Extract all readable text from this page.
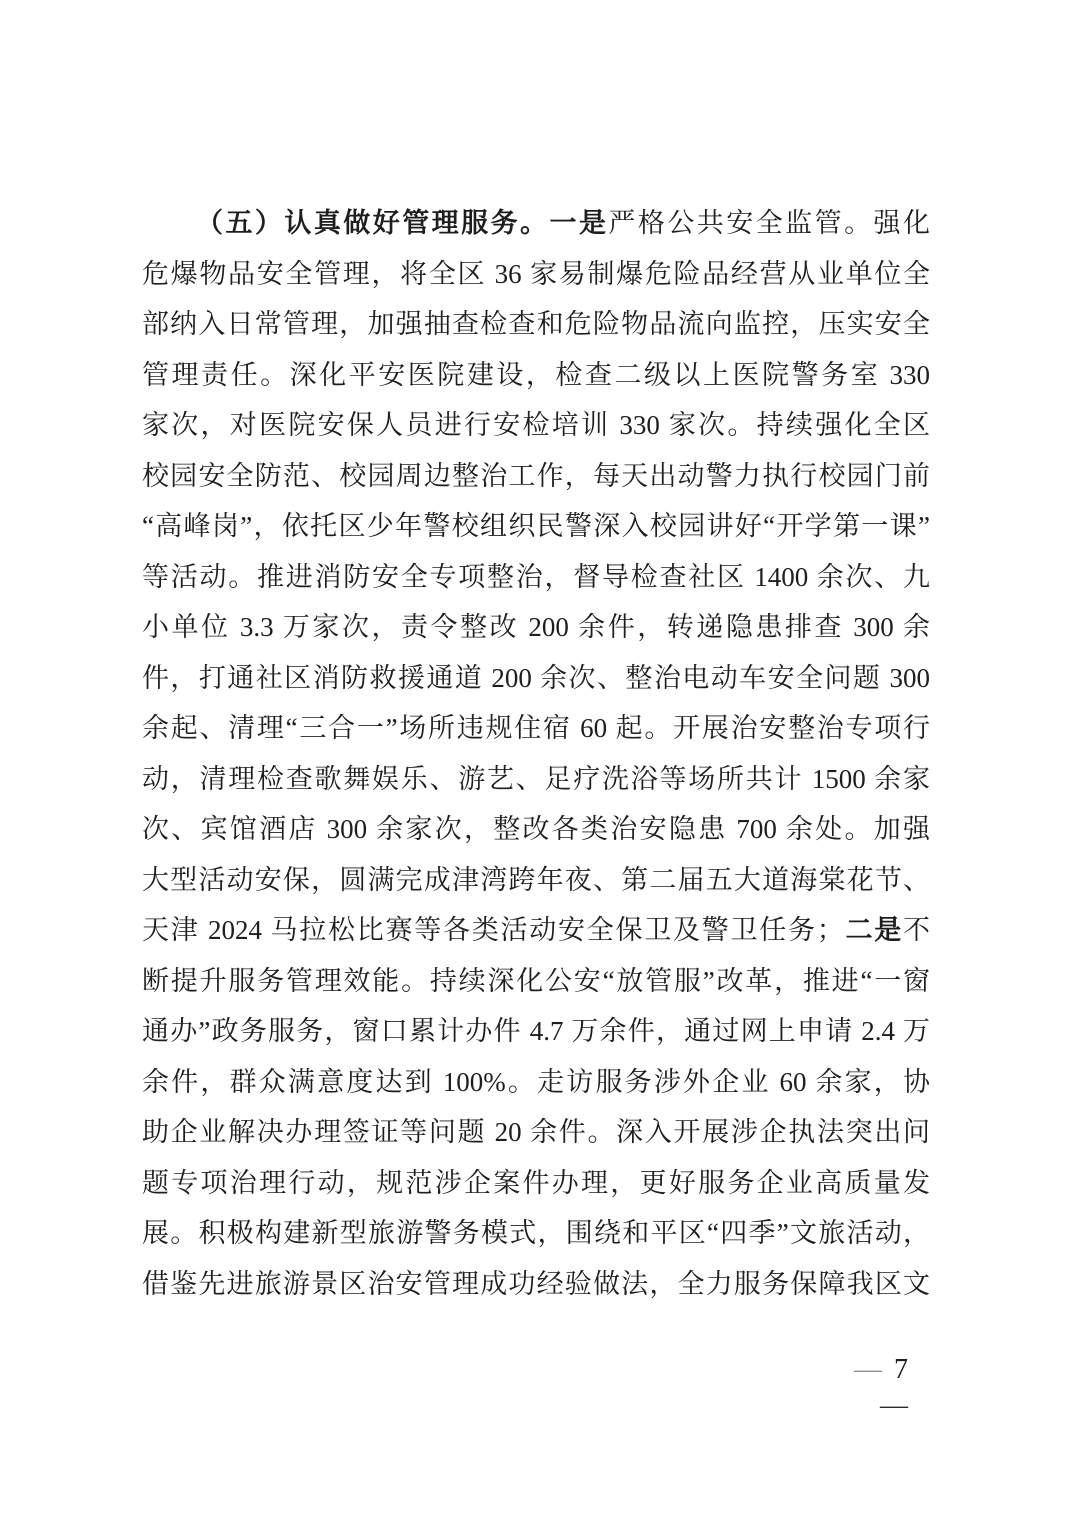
（五）认真做好管理服务。一是严格公共安全监管。强化
危爆物品安全管理，将全区 36 家易制爆危险品经营从业单位全
部纳入日常管理，加强抽查检查和危险物品流向监控，压实安全
管理责任。深化平安医院建设，检查二级以上医院警务室 330
家次，对医院安保人员进行安检培训 330 家次。持续强化全区
校园安全防范、校园周边整治工作，每天出动警力执行校园门前
“高峰岗”，依托区少年警校组织民警深入校园讲好“开学第一课”
等活动。推进消防安全专项整治，督导检查社区 1400 余次、九
小单位 3.3 万家次，责令整改 200 余件，转递隐患排查 300 余
件，打通社区消防救援通道 200 余次、整治电动车安全问题 300
余起、清理“三合一”场所违规住宿 60 起。开展治安整治专项行
动，清理检查歌舞娱乐、游艺、足疗洗浴等场所共计 1500 余家
次、宾馆酒店 300 余家次，整改各类治安隐患 700 余处。加强
大型活动安保，圆满完成津湾跨年夜、第二届五大道海棠花节、
天津 2024 马拉松比赛等各类活动安全保卫及警卫任务；二是不
断提升服务管理效能。持续深化公安“放管服”改革，推进“一窗
通办”政务服务，窗口累计办件 4.7 万余件，通过网上申请 2.4 万
余件，群众满意度达到 100%。走访服务涉外企业 60 余家，协
助企业解决办理签证等问题 20 余件。深入开展涉企执法突出问
题专项治理行动，规范涉企案件办理，更好服务企业高质量发
展。积极构建新型旅游警务模式，围绕和平区“四季”文旅活动，
借鉴先进旅游景区治安管理成功经验做法，全力服务保障我区文
— 7
—
